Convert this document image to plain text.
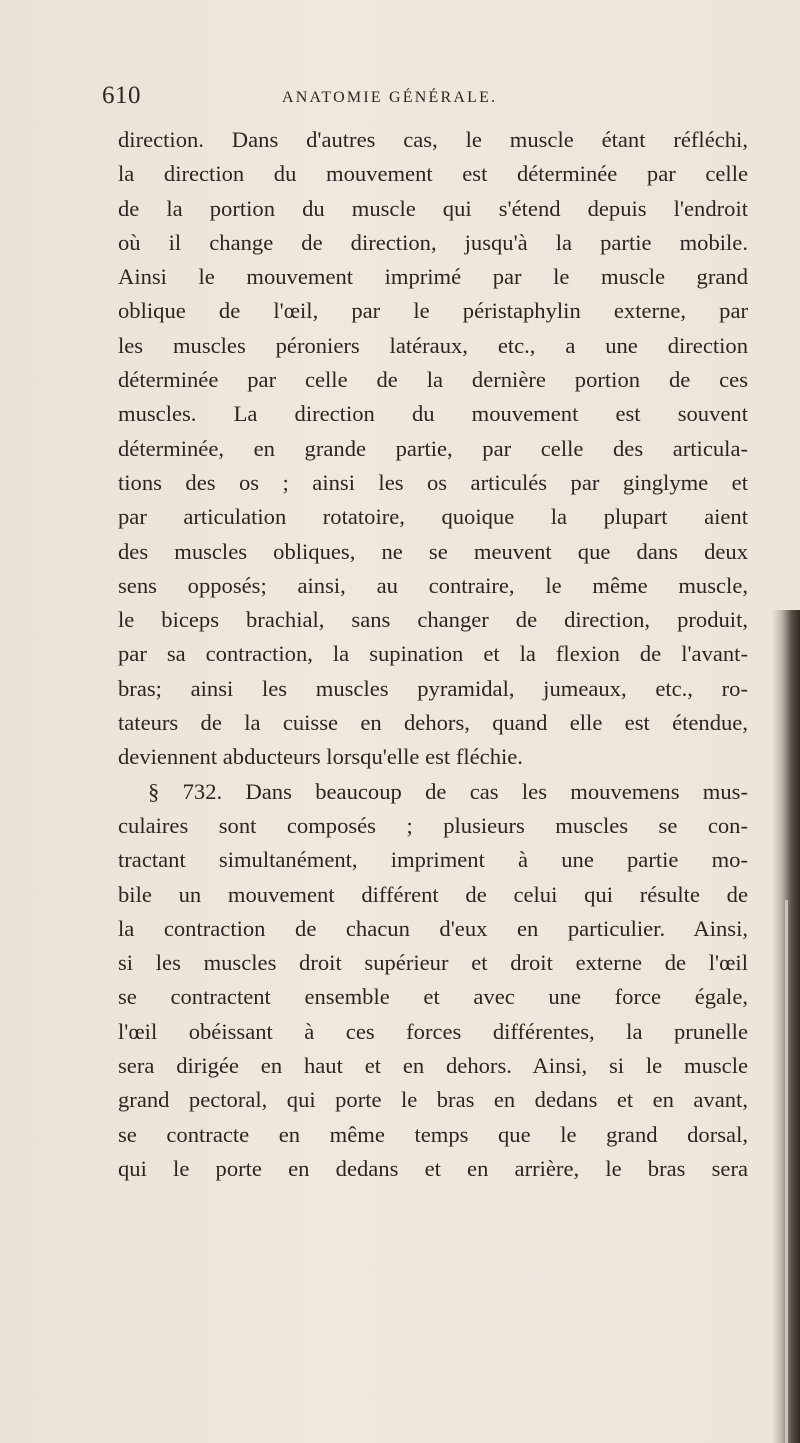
610	ANATOMIE GÉNÉRALE.
direction. Dans d'autres cas, le muscle étant réfléchi,
la direction du mouvement est déterminée par celle
de la portion du muscle qui s'étend depuis l'endroit
où il change de direction, jusqu'à la partie mobile.
Ainsi le mouvement imprimé par le muscle grand
oblique de l'œil, par le péristaphylin externe, par
les muscles péroniers latéraux, etc., a une direction
déterminée par celle de la dernière portion de ces
muscles. La direction du mouvement est souvent
déterminée, en grande partie, par celle des articula-
tions des os ; ainsi les os articulés par ginglyme et
par articulation rotatoire, quoique la plupart aient
des muscles obliques, ne se meuvent que dans deux
sens opposés; ainsi, au contraire, le même muscle,
le biceps brachial, sans changer de direction, produit,
par sa contraction, la supination et la flexion de l'avant-
bras; ainsi les muscles pyramidal, jumeaux, etc., ro-
tateurs de la cuisse en dehors, quand elle est étendue,
deviennent abducteurs lorsqu'elle est fléchie.
§ 732. Dans beaucoup de cas les mouvemens mus-
culaires sont composés ; plusieurs muscles se con-
tractant simultanément, impriment à une partie mo-
bile un mouvement différent de celui qui résulte de
la contraction de chacun d'eux en particulier. Ainsi,
si les muscles droit supérieur et droit externe de l'œil
se contractent ensemble et avec une force égale,
l'œil obéissant à ces forces différentes, la prunelle
sera dirigée en haut et en dehors. Ainsi, si le muscle
grand pectoral, qui porte le bras en dedans et en avant,
se contracte en même temps que le grand dorsal,
qui le porte en dedans et en arrière, le bras sera
